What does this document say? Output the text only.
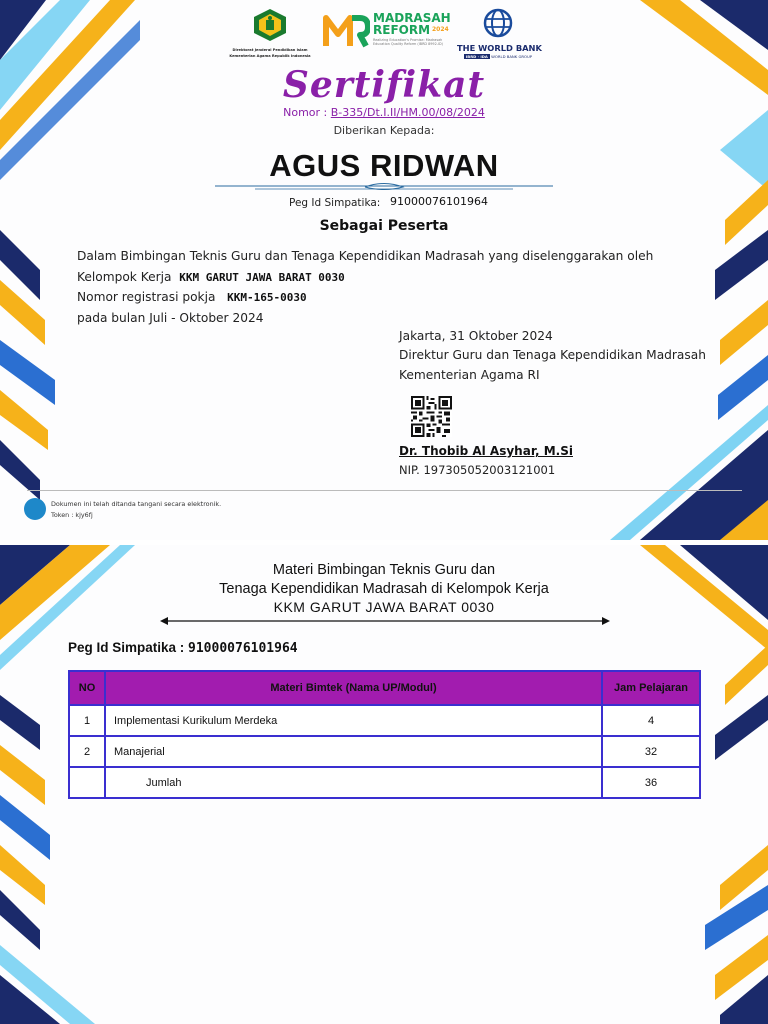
Direktorat Jenderal Pendidikan Islam
Kementerian Agama Republik Indonesia
MADRASAH
REFORM 2024
Realizing Education's Promise: Madrasah Education Quality Reform (IBRD 8992-ID)	THE WORLD BANK
IBRD · IDA WORLD BANK GROUP
Sertifikat
Nomor : B-335/Dt.I.II/HM.00/08/2024
Diberikan Kepada:
AGUS RIDWAN
Peg Id Simpatika: 91000076101964
Sebagai Peserta
Dalam Bimbingan Teknis Guru dan Tenaga Kependidikan Madrasah yang diselenggarakan oleh
Kelompok Kerja KKM GARUT JAWA BARAT 0030
Nomor registrasi pokja KKM-165-0030
pada bulan Juli - Oktober 2024
Jakarta, 31 Oktober 2024
Direktur Guru dan Tenaga Kependidikan Madrasah
Kementerian Agama RI
Dr. Thobib Al Asyhar, M.Si
NIP. 197305052003121001
Dokumen ini telah ditanda tangani secara elektronik.
Token : kjy6fj
Materi Bimbingan Teknis Guru dan
Tenaga Kependidikan Madrasah di Kelompok Kerja
KKM GARUT JAWA BARAT 0030
Peg Id Simpatika : 91000076101964
NO	Materi Bimtek (Nama UP/Modul)	Jam Pelajaran
1	Implementasi Kurikulum Merdeka	4
2	Manajerial	32
	Jumlah	36
